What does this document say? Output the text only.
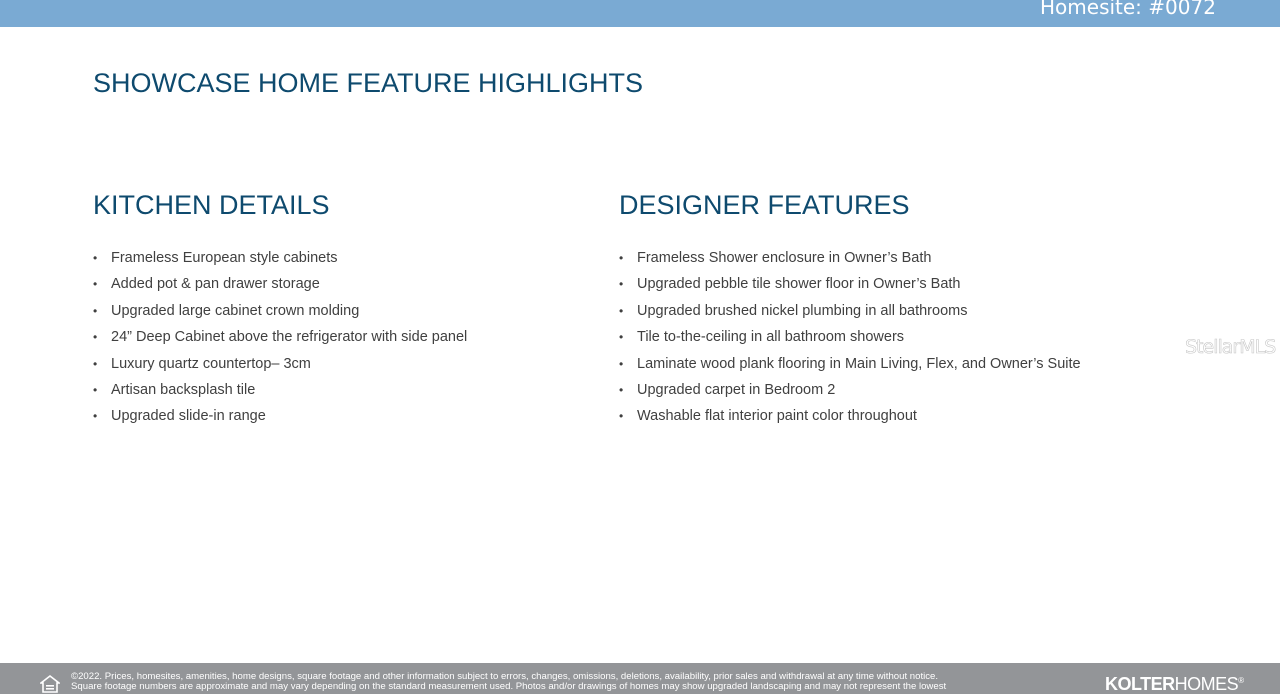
Homesite: #0072
SHOWCASE HOME FEATURE HIGHLIGHTS
KITCHEN DETAILS
• Frameless European style cabinets
• Added pot & pan drawer storage
• Upgraded large cabinet crown molding
• 24” Deep Cabinet above the refrigerator with side panel
• Luxury quartz countertop– 3cm
• Artisan backsplash tile
• Upgraded slide-in range
DESIGNER FEATURES
• Frameless Shower enclosure in Owner’s Bath
• Upgraded pebble tile shower floor in Owner’s Bath
• Upgraded brushed nickel plumbing in all bathrooms
• Tile to-the-ceiling in all bathroom showers
• Laminate wood plank flooring in Main Living, Flex, and Owner’s Suite
• Upgraded carpet in Bedroom 2
• Washable flat interior paint color throughout
StellarMLS
©2022. Prices, homesites, amenities, home designs, square footage and other information subject to errors, changes, omissions, deletions, availability, prior sales and withdrawal at any time without notice.
Square footage numbers are approximate and may vary depending on the standard measurement used. Photos and/or drawings of homes may show upgraded landscaping and may not represent the lowest	KOLTERHOMES®
